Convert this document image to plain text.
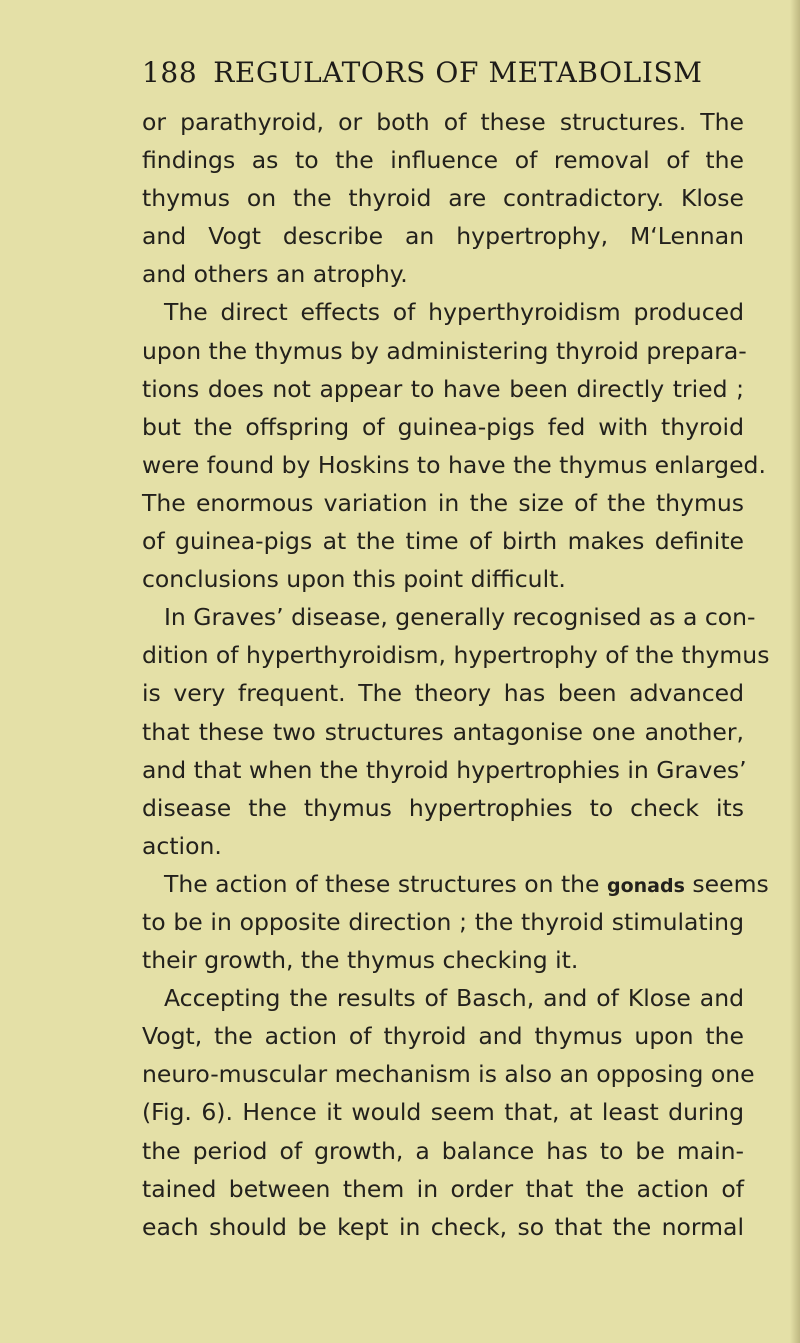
188 REGULATORS OF METABOLISM
or parathyroid, or both of these structures. The
findings as to the influence of removal of the
thymus on the thyroid are contradictory. Klose
and Vogt describe an hypertrophy, M‘Lennan
and others an atrophy.
The direct effects of hyperthyroidism produced
upon the thymus by administering thyroid prepara-
tions does not appear to have been directly tried ;
but the offspring of guinea-pigs fed with thyroid
were found by Hoskins to have the thymus enlarged.
The enormous variation in the size of the thymus
of guinea-pigs at the time of birth makes definite
conclusions upon this point difficult.
In Graves’ disease, generally recognised as a con-
dition of hyperthyroidism, hypertrophy of the thymus
is very frequent. The theory has been advanced
that these two structures antagonise one another,
and that when the thyroid hypertrophies in Graves’
disease the thymus hypertrophies to check its
action.
The action of these structures on the gonads seems
to be in opposite direction ; the thyroid stimulating
their growth, the thymus checking it.
Accepting the results of Basch, and of Klose and
Vogt, the action of thyroid and thymus upon the
neuro-muscular mechanism is also an opposing one
(Fig. 6). Hence it would seem that, at least during
the period of growth, a balance has to be main-
tained between them in order that the action of
each should be kept in check, so that the normal
